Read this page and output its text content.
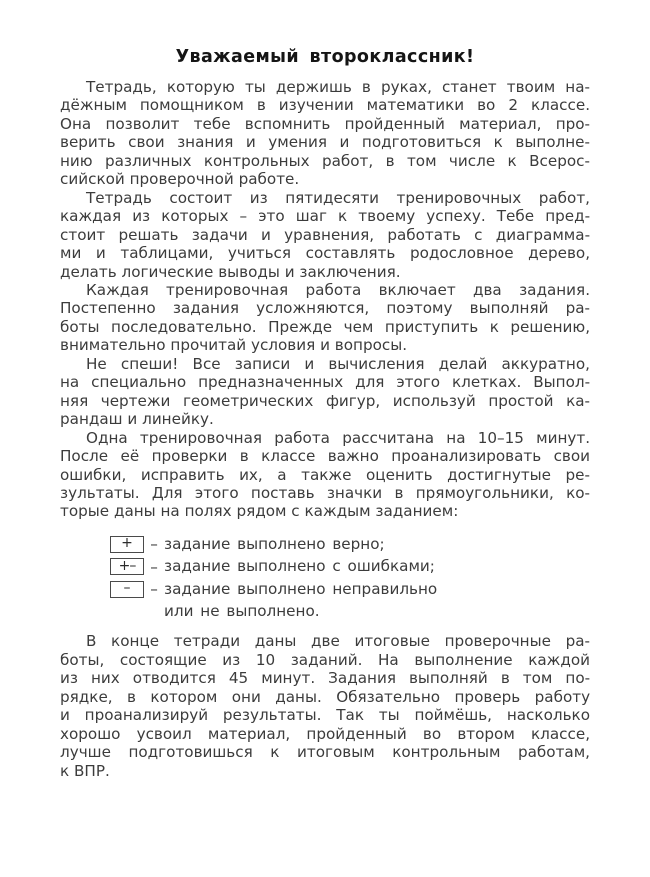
Уважаемый второклассник!
Тетрадь, которую ты держишь в руках, станет твоим на-
дёжным помощником в изучении математики во 2 классе.
Она позволит тебе вспомнить пройденный материал, про-
верить свои знания и умения и подготовиться к выполне-
нию различных контрольных работ, в том числе к Всерос-
сийской проверочной работе.
Тетрадь состоит из пятидесяти тренировочных работ,
каждая из которых – это шаг к твоему успеху. Тебе пред-
стоит решать задачи и уравнения, работать с диаграмма-
ми и таблицами, учиться составлять родословное дерево,
делать логические выводы и заключения.
Каждая тренировочная работа включает два задания.
Постепенно задания усложняются, поэтому выполняй ра-
боты последовательно. Прежде чем приступить к решению,
внимательно прочитай условия и вопросы.
Не спеши! Все записи и вычисления делай аккуратно,
на специально предназначенных для этого клетках. Выпол-
няя чертежи геометрических фигур, используй простой ка-
рандаш и линейку.
Одна тренировочная работа рассчитана на 10–15 минут.
После её проверки в классе важно проанализировать свои
ошибки, исправить их, а также оценить достигнутые ре-
зультаты. Для этого поставь значки в прямоугольники, ко-
торые даны на полях рядом с каждым заданием:
+	– задание выполнено верно;
+– – задание выполнено с ошибками;
–	– задание выполнено неправильно
или не выполнено.
В конце тетради даны две итоговые проверочные ра-
боты, состоящие из 10 заданий. На выполнение каждой
из них отводится 45 минут. Задания выполняй в том по-
рядке, в котором они даны. Обязательно проверь работу
и проанализируй результаты. Так ты поймёшь, насколько
хорошо усвоил материал, пройденный во втором классе,
лучше подготовишься к итоговым контрольным работам,
к ВПР.
